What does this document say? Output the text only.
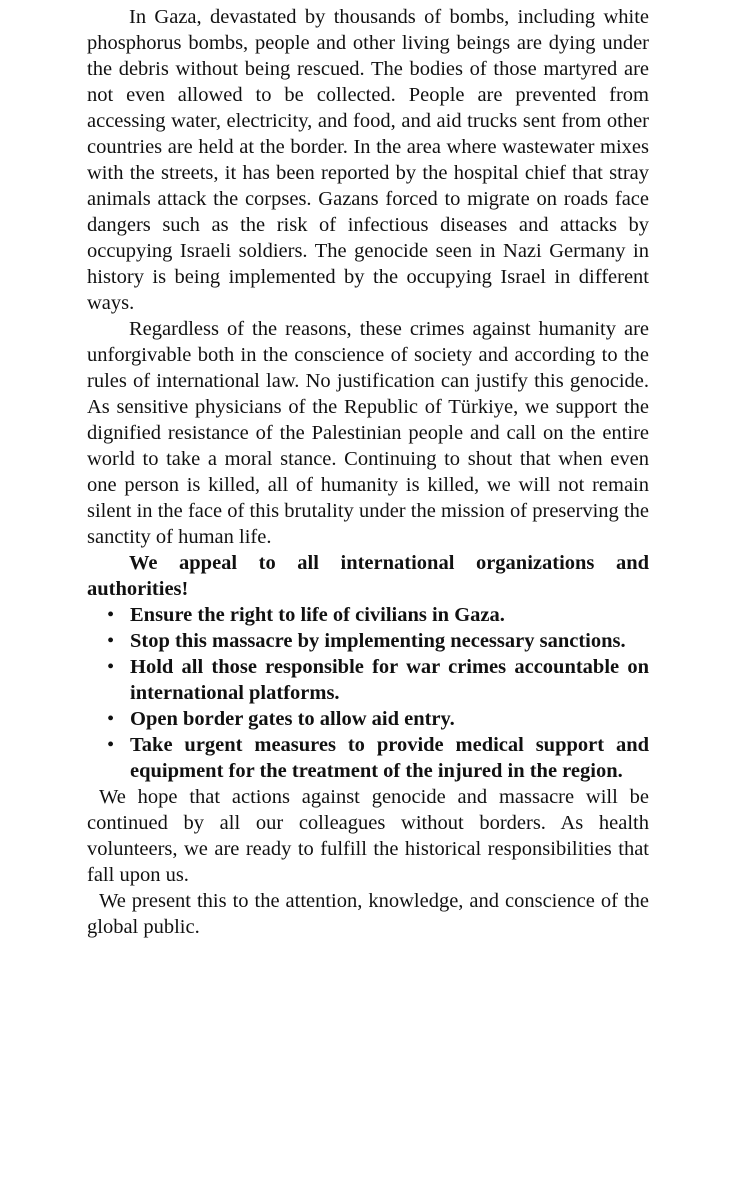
In Gaza, devastated by thousands of bombs, including white phosphorus bombs, people and other living beings are dying under the debris without being rescued. The bodies of those martyred are not even allowed to be collected. People are prevented from accessing water, electricity, and food, and aid trucks sent from other countries are held at the border. In the area where wastewater mixes with the streets, it has been reported by the hospital chief that stray animals attack the corpses. Gazans forced to migrate on roads face dangers such as the risk of infectious diseases and attacks by occupying Israeli soldiers. The genocide seen in Nazi Germany in history is being implemented by the occupying Israel in different ways.

Regardless of the reasons, these crimes against humanity are unforgivable both in the conscience of society and according to the rules of international law. No justification can justify this genocide. As sensitive physicians of the Republic of Türkiye, we support the dignified resistance of the Palestinian people and call on the entire world to take a moral stance. Continuing to shout that when even one person is killed, all of humanity is killed, we will not remain silent in the face of this brutality under the mission of preserving the sanctity of human life.

We appeal to all international organizations and authorities!

• Ensure the right to life of civilians in Gaza.
• Stop this massacre by implementing necessary sanctions.
• Hold all those responsible for war crimes accountable on international platforms.
• Open border gates to allow aid entry.
• Take urgent measures to provide medical support and equipment for the treatment of the injured in the region.

We hope that actions against genocide and massacre will be continued by all our colleagues without borders. As health volunteers, we are ready to fulfill the historical responsibilities that fall upon us.

We present this to the attention, knowledge, and conscience of the global public.
